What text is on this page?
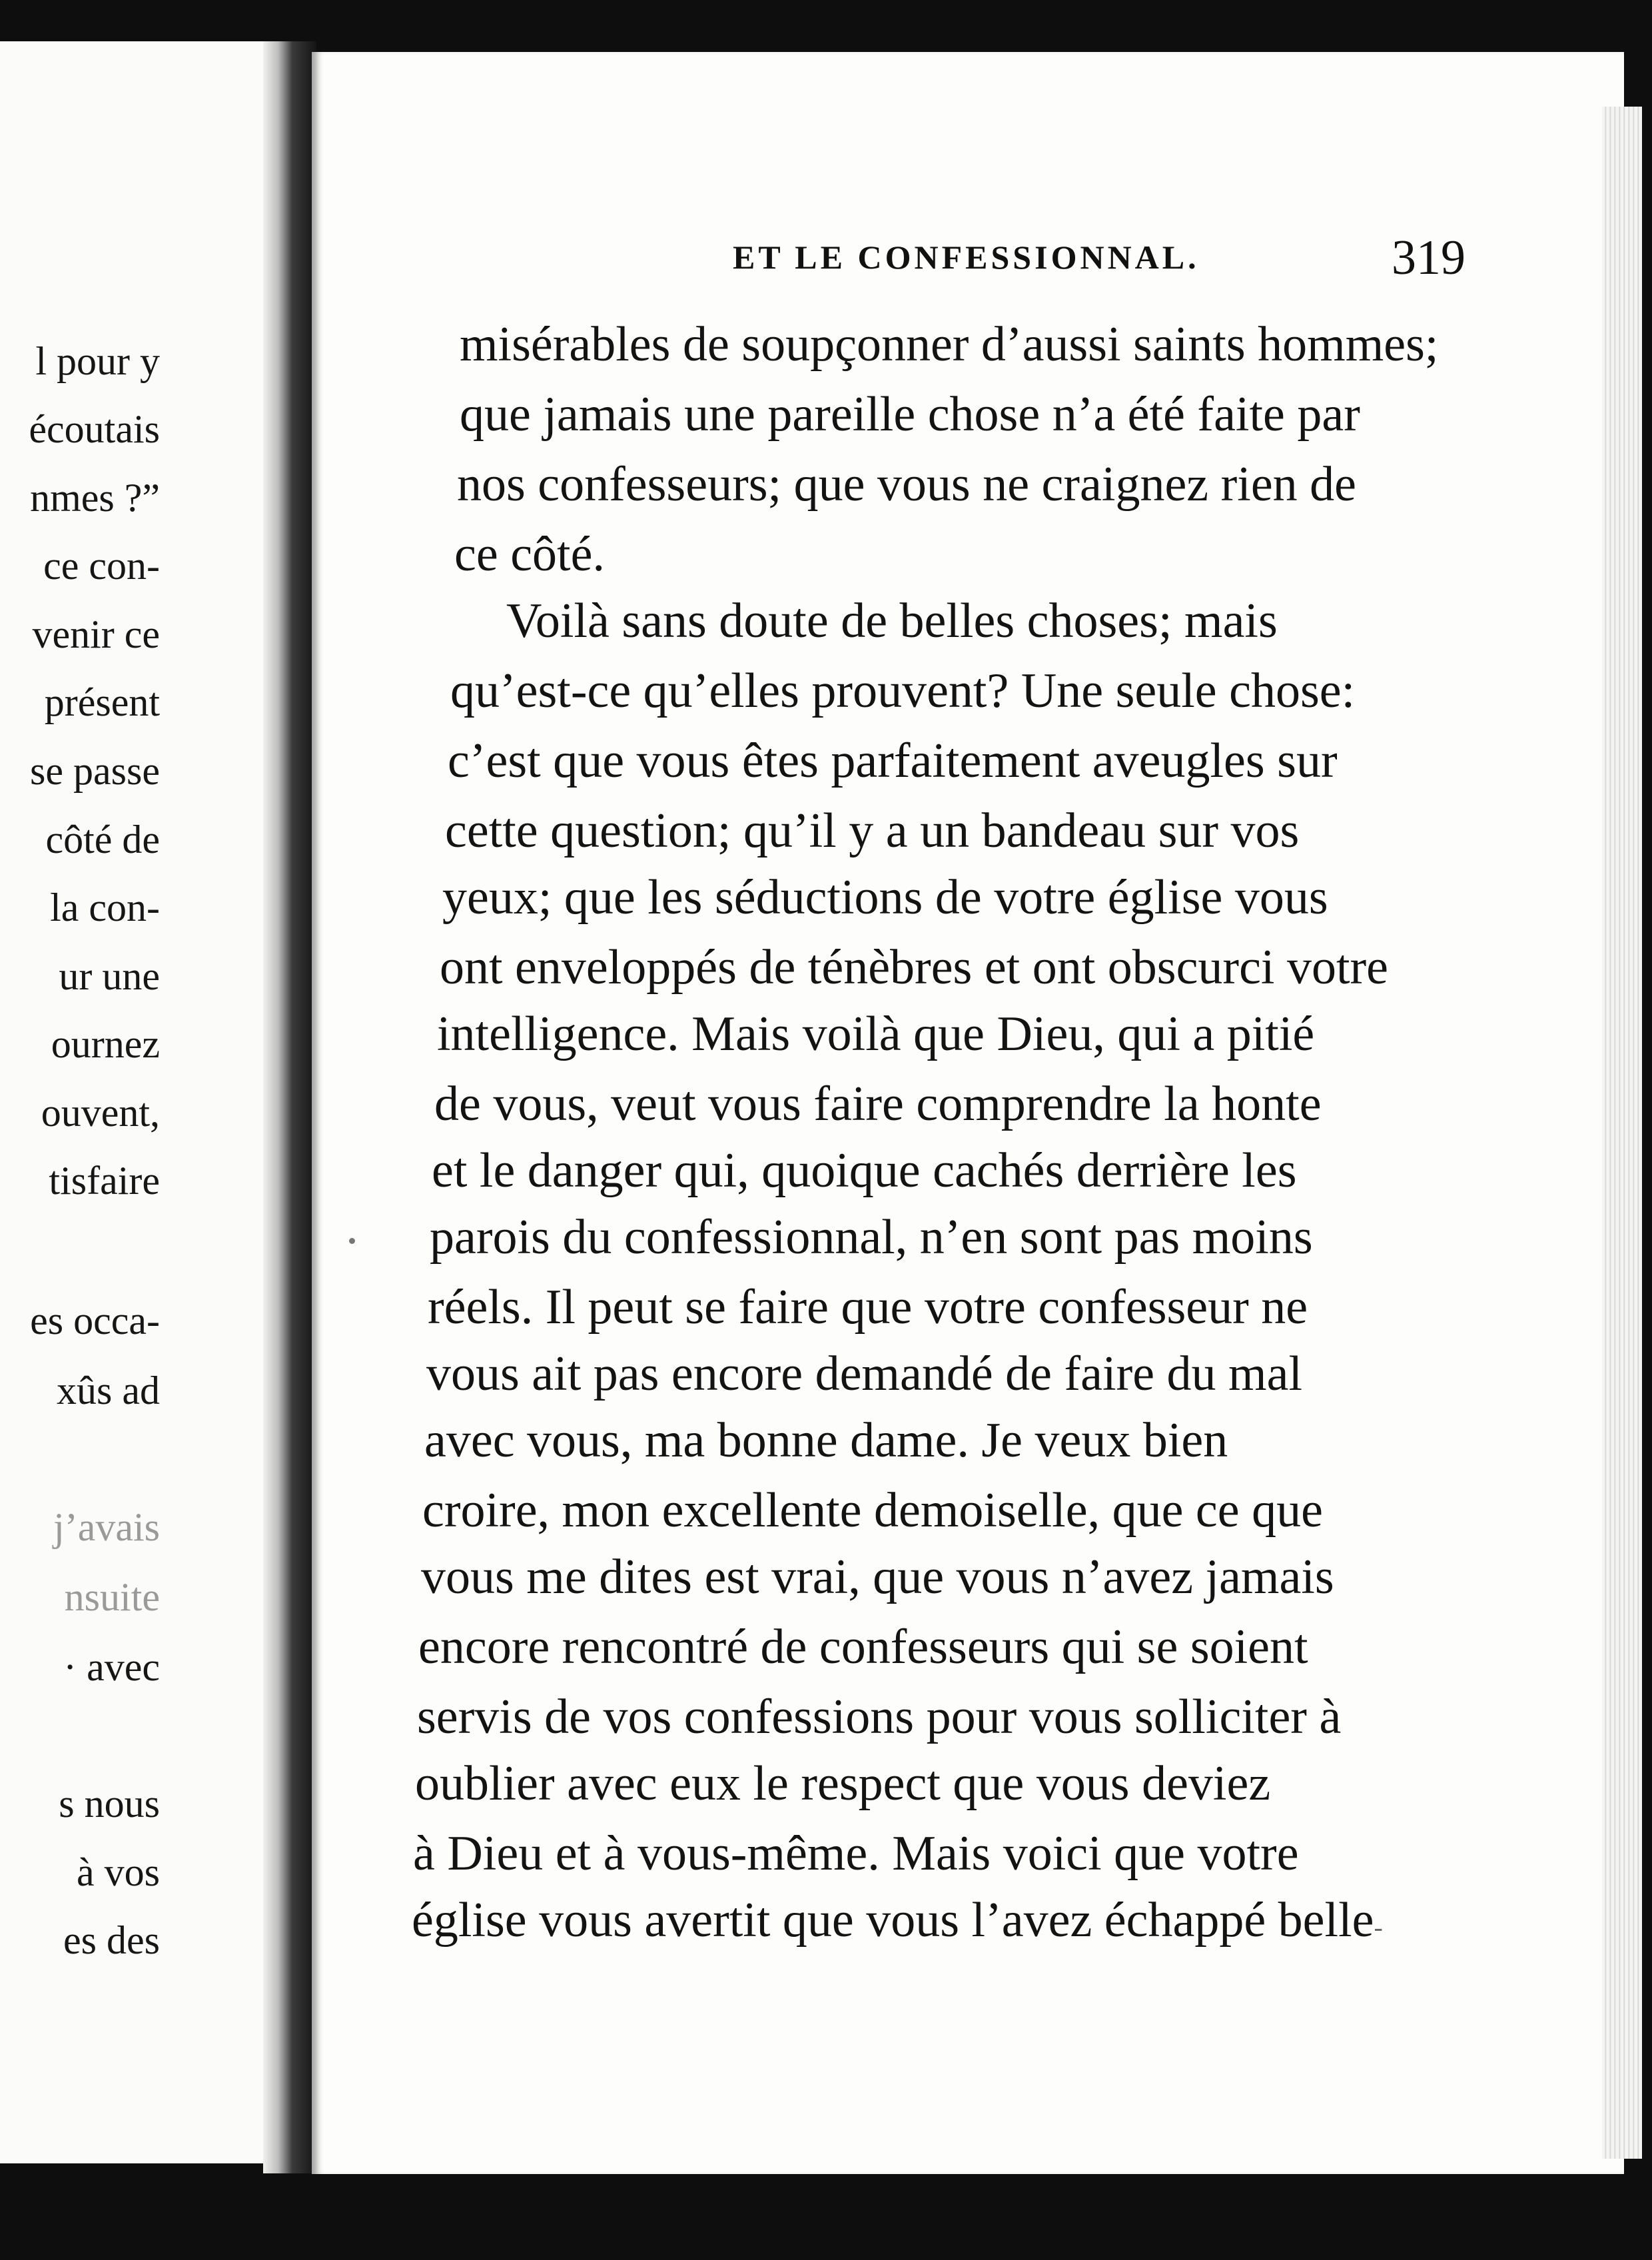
l pour y
écoutais
nmes ?”
ce con-
venir ce
présent
se passe
côté de
la con-
ur une
ournez
ouvent,
tisfaire
es occa-
xûs ad
j’avais
nsuite
· avec
s nous
à vos
es des
ET LE CONFESSIONNAL.	319
misérables de soupçonner d’aussi saints hommes;
que jamais une pareille chose n’a été faite par
nos confesseurs; que vous ne craignez rien de
ce côté.
Voilà sans doute de belles choses; mais
qu’est-ce qu’elles prouvent? Une seule chose:
c’est que vous êtes parfaitement aveugles sur
cette question; qu’il y a un bandeau sur vos
yeux; que les séductions de votre église vous
ont enveloppés de ténèbres et ont obscurci votre
intelligence. Mais voilà que Dieu, qui a pitié
de vous, veut vous faire comprendre la honte
et le danger qui, quoique cachés derrière les
parois du confessionnal, n’en sont pas moins
réels. Il peut se faire que votre confesseur ne
vous ait pas encore demandé de faire du mal
avec vous, ma bonne dame. Je veux bien
croire, mon excellente demoiselle, que ce que
vous me dites est vrai, que vous n’avez jamais
encore rencontré de confesseurs qui se soient
servis de vos confessions pour vous solliciter à
oublier avec eux le respect que vous deviez
à Dieu et à vous-même. Mais voici que votre
église vous avertit que vous l’avez échappé belle-
